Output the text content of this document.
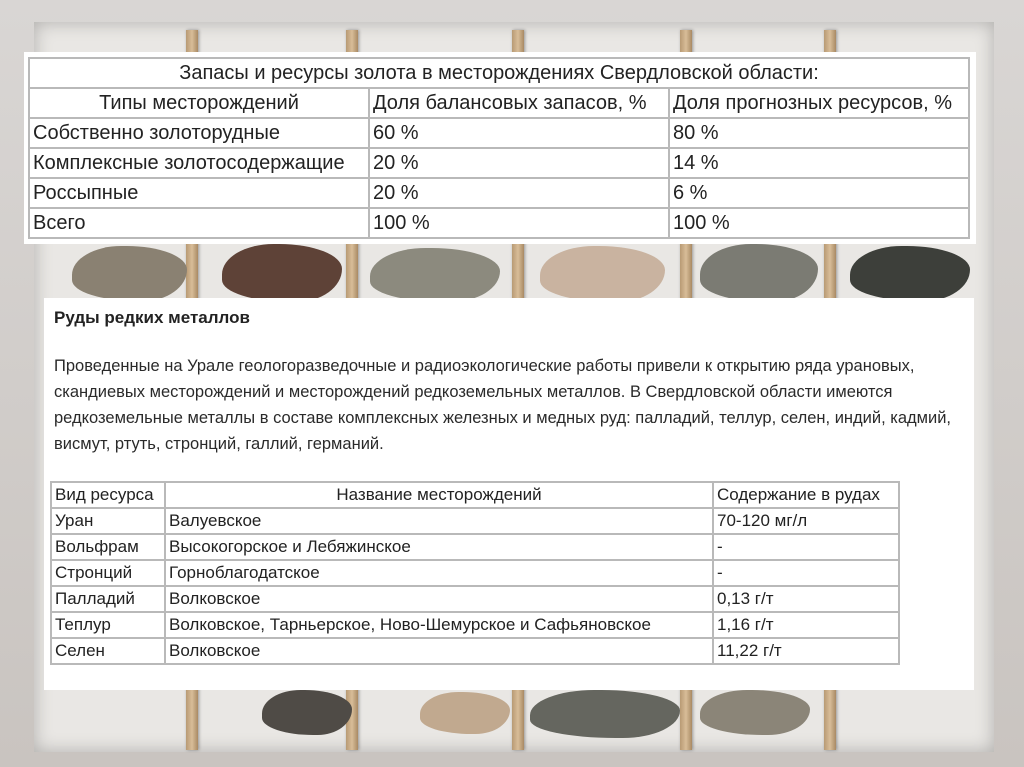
Запасы и ресурсы золота в месторождениях Свердловской области:		
Типы месторождений	Доля балансовых запасов, %	Доля прогнозных ресурсов, %
Собственно золоторудные	60 %	80 %
Комплексные золотосодержащие	20 %	14 %
Россыпные	20 %	6 %
Всего	100 %	100 %
Руды редких металлов
Проведенные на Урале геологоразведочные и радиоэкологические работы привели к открытию ряда урановых, скандиевых месторождений и месторождений редкоземельных металлов. В Свердловской области имеются редкоземельные металлы в составе комплексных железных и медных руд: палладий, теллур, селен, индий, кадмий, висмут, ртуть, стронций, галлий, германий.
Вид ресурса	Название месторождений	Содержание в рудах
Уран	Валуевское	70-120 мг/л
Вольфрам	Высокогорское и Лебяжинское	-
Стронций	Горноблагодатское	-
Палладий	Волковское	0,13 г/т
Теплур	Волковское, Тарньерское, Ново-Шемурское и Сафьяновское	1,16 г/т
Селен	Волковское	11,22 г/т
